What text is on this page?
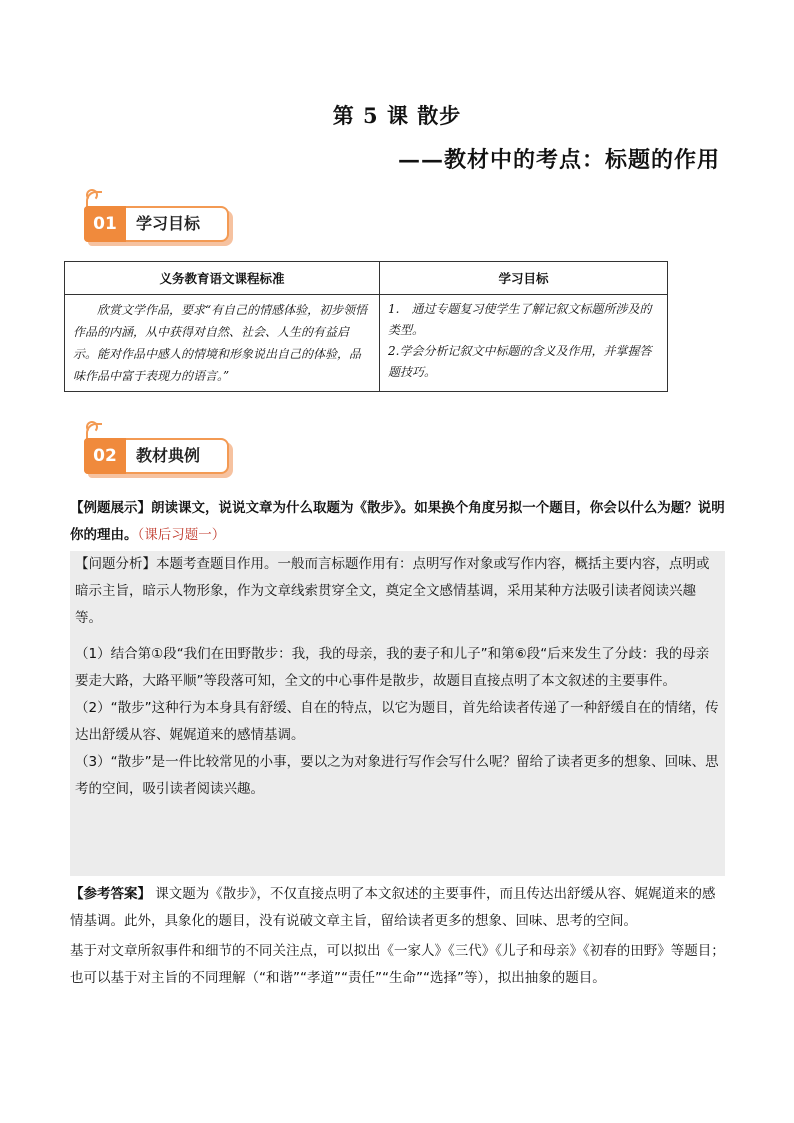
第 5 课 散步
——教材中的考点：标题的作用
01	学习目标
义务教育语文课程标准	学习目标
欣赏文学作品，要求“有自己的情感体验，初步领悟作品的内涵，从中获得对自然、社会、人生的有益启示。能对作品中感人的情境和形象说出自己的体验，品味作品中富于表现力的语言。”	1.　通过专题复习使学生了解记叙文标题所涉及的类型。
2.学会分析记叙文中标题的含义及作用，并掌握答题技巧。
02	教材典例
【例题展示】朗读课文，说说文章为什么取题为《散步》。如果换个角度另拟一个题目，你会以什么为题？说明你的理由。（课后习题一）
【问题分析】本题考查题目作用。一般而言标题作用有：点明写作对象或写作内容，概括主要内容，点明或暗示主旨，暗示人物形象，作为文章线索贯穿全文，奠定全文感情基调，采用某种方法吸引读者阅读兴趣等。
（1）结合第①段“我们在田野散步：我，我的母亲，我的妻子和儿子”和第⑥段“后来发生了分歧：我的母亲要走大路，大路平顺”等段落可知，全文的中心事件是散步，故题目直接点明了本文叙述的主要事件。
（2）“散步”这种行为本身具有舒缓、自在的特点，以它为题目，首先给读者传递了一种舒缓自在的情绪，传达出舒缓从容、娓娓道来的感情基调。
（3）“散步”是一件比较常见的小事，要以之为对象进行写作会写什么呢？留给了读者更多的想象、回味、思考的空间，吸引读者阅读兴趣。
【参考答案】 课文题为《散步》，不仅直接点明了本文叙述的主要事件，而且传达出舒缓从容、娓娓道来的感情基调。此外，具象化的题目，没有说破文章主旨，留给读者更多的想象、回味、思考的空间。
基于对文章所叙事件和细节的不同关注点，可以拟出《一家人》《三代》《儿子和母亲》《初春的田野》等题目；也可以基于对主旨的不同理解（“和谐”“孝道”“责任”“生命”“选择”等），拟出抽象的题目。
